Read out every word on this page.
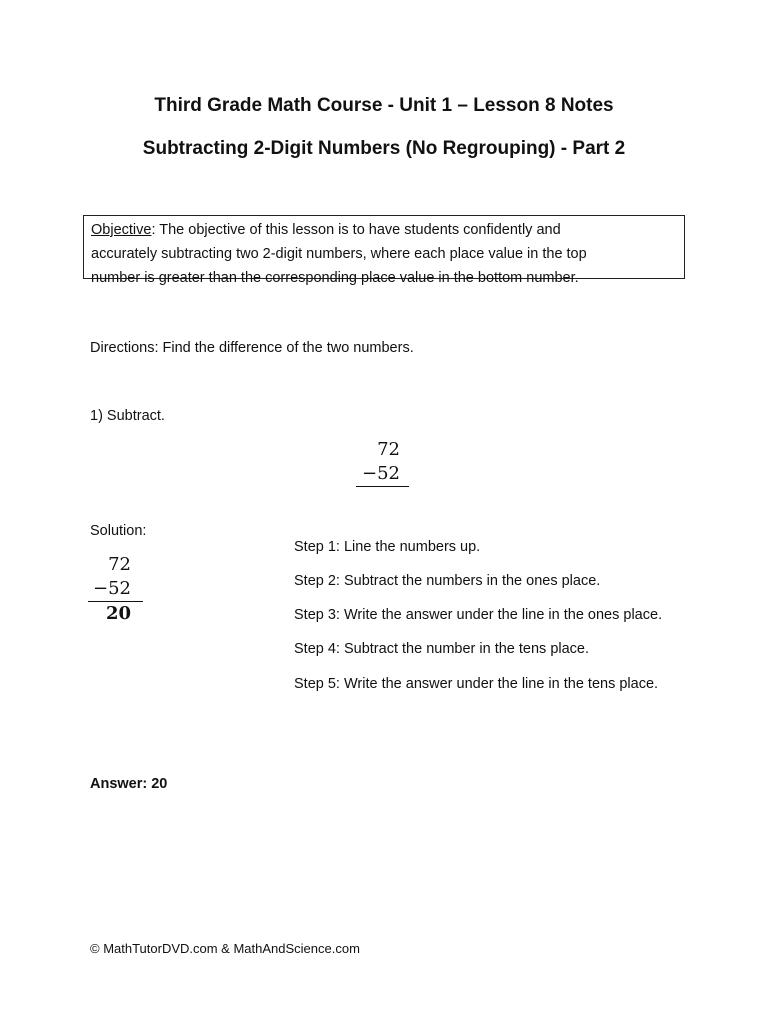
Third Grade Math Course - Unit 1 – Lesson 8 Notes
Subtracting 2-Digit Numbers (No Regrouping) - Part 2
Objective: The objective of this lesson is to have students confidently and
accurately subtracting two 2-digit numbers, where each place value in the top
number is greater than the corresponding place value in the bottom number.
Directions: Find the difference of the two numbers.
1) Subtract.
72
−52
Solution:
72
−52
20
Step 1: Line the numbers up.
Step 2: Subtract the numbers in the ones place.
Step 3: Write the answer under the line in the ones place.
Step 4: Subtract the number in the tens place.
Step 5: Write the answer under the line in the tens place.
Answer: 20
© MathTutorDVD.com & MathAndScience.com
